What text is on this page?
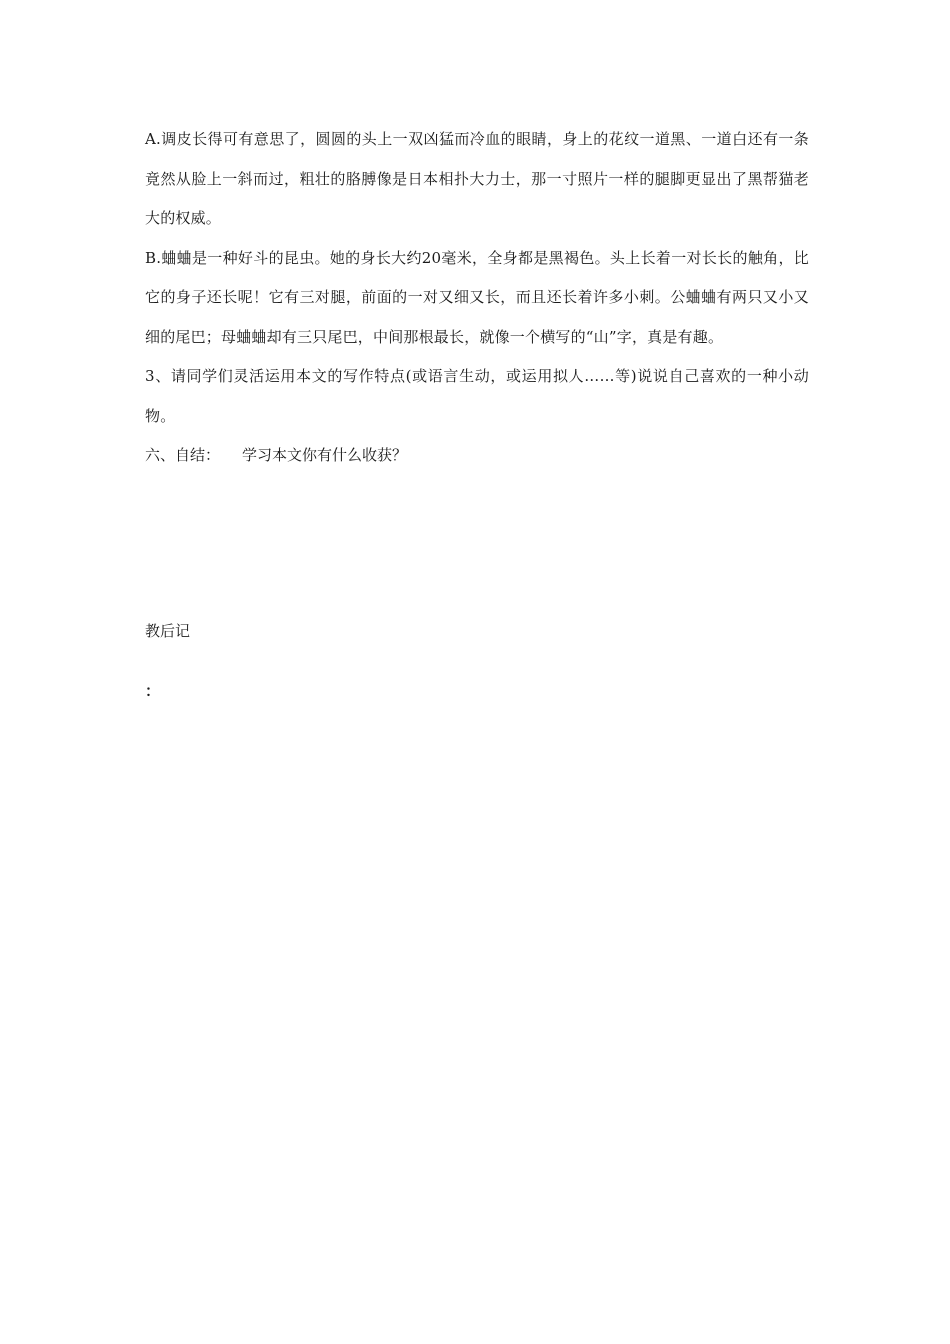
A.调皮长得可有意思了，圆圆的头上一双凶猛而冷血的眼睛，身上的花纹一道黑、一道白还有一条竟然从脸上一斜而过，粗壮的胳膊像是日本相扑大力士，那一寸照片一样的腿脚更显出了黑帮猫老大的权威。

B.蛐蛐是一种好斗的昆虫。她的身长大约20毫米，全身都是黑褐色。头上长着一对长长的触角，比它的身子还长呢！它有三对腿，前面的一对又细又长，而且还长着许多小刺。公蛐蛐有两只又小又细的尾巴；母蛐蛐却有三只尾巴，中间那根最长，就像一个横写的“山”字，真是有趣。

3、请同学们灵活运用本文的写作特点(或语言生动，或运用拟人……等)说说自己喜欢的一种小动物。

六、自结： 学习本文你有什么收获？

教后记

：
